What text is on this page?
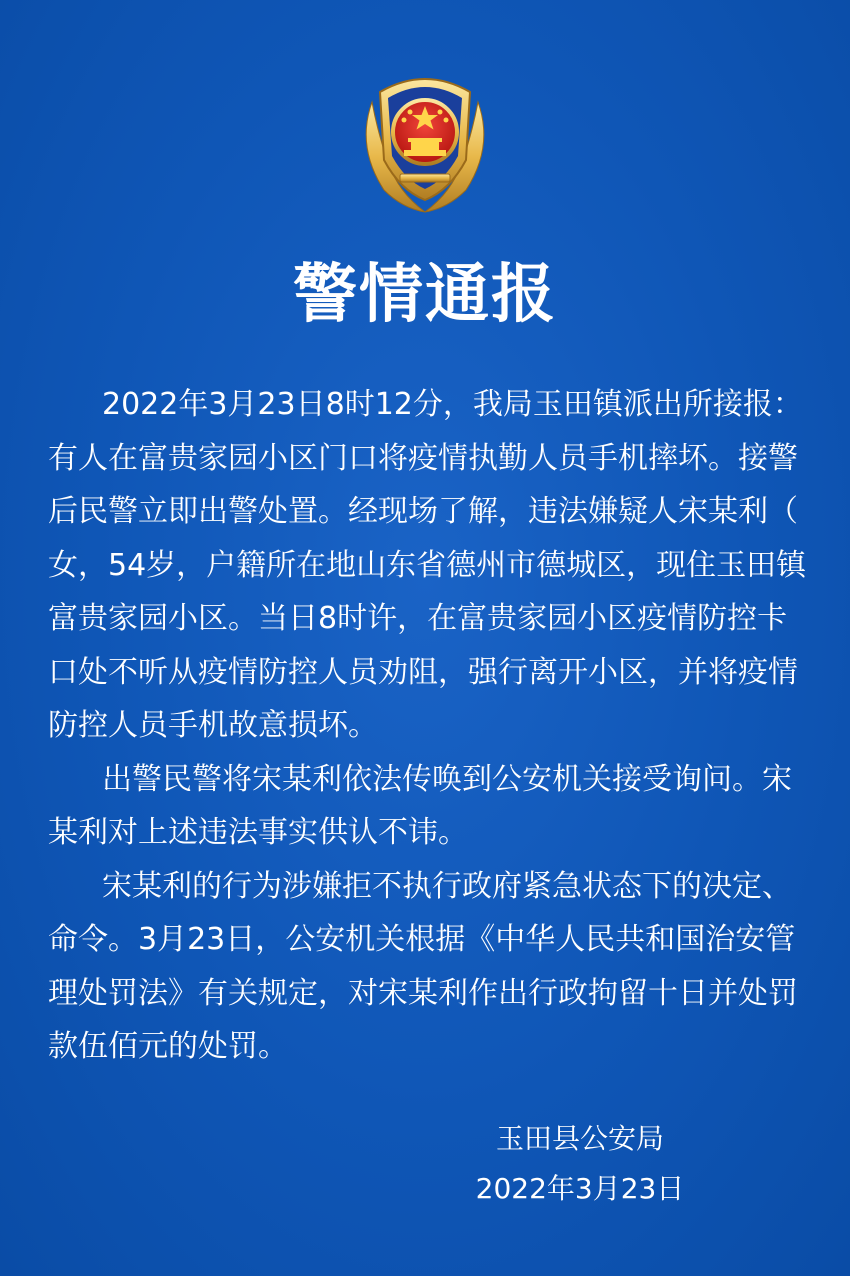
警情通报
2022年3月23日8时12分，我局玉田镇派出所接报：
有人在富贵家园小区门口将疫情执勤人员手机摔坏。接警
后民警立即出警处置。经现场了解，违法嫌疑人宋某利（
女，54岁，户籍所在地山东省德州市德城区，现住玉田镇
富贵家园小区。当日8时许，在富贵家园小区疫情防控卡
口处不听从疫情防控人员劝阻，强行离开小区，并将疫情
防控人员手机故意损坏。
出警民警将宋某利依法传唤到公安机关接受询问。宋
某利对上述违法事实供认不讳。
宋某利的行为涉嫌拒不执行政府紧急状态下的决定、
命令。3月23日，公安机关根据《中华人民共和国治安管
理处罚法》有关规定，对宋某利作出行政拘留十日并处罚
款伍佰元的处罚。
玉田县公安局
2022年3月23日
